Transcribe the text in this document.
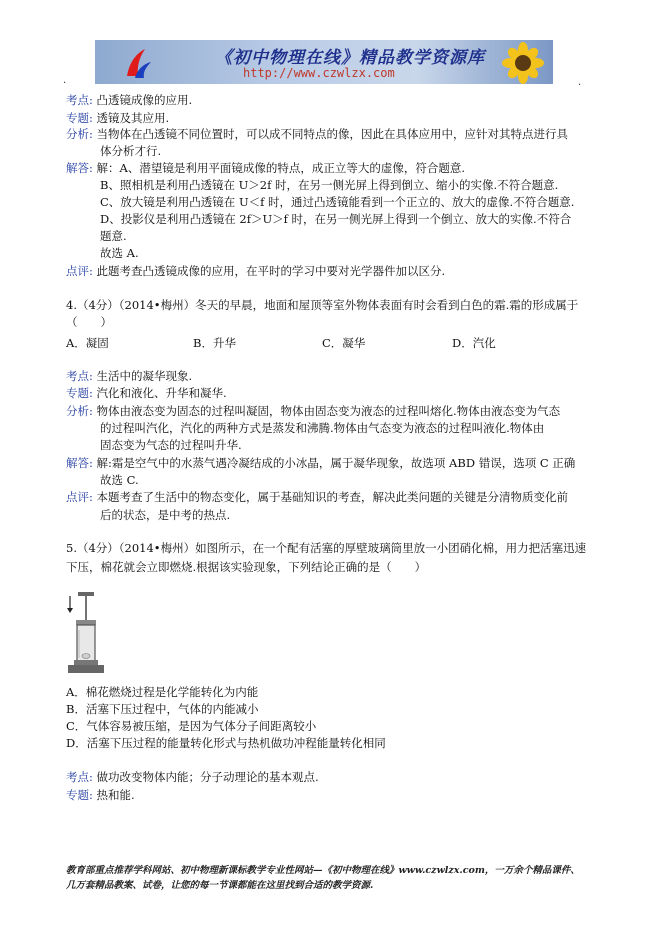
《初中物理在线》精品教学资源库
http://www.czwlzx.com
·	·
考点: 凸透镜成像的应用.
专题: 透镜及其应用.
分析: 当物体在凸透镜不同位置时，可以成不同特点的像，因此在具体应用中，应针对其特点进行具
体分析才行.
解答: 解：A、潜望镜是利用平面镜成像的特点，成正立等大的虚像，符合题意.
B、照相机是利用凸透镜在 U＞2f 时，在另一侧光屏上得到倒立、缩小的实像.不符合题意.
C、放大镜是利用凸透镜在 U＜f 时，通过凸透镜能看到一个正立的、放大的虚像.不符合题意.
D、投影仪是利用凸透镜在 2f＞U＞f 时，在另一侧光屏上得到一个倒立、放大的实像.不符合
题意.
故选 A.
点评: 此题考查凸透镜成像的应用，在平时的学习中要对光学器件加以区分.
4.（4分）（2014•梅州）冬天的早晨，地面和屋顶等室外物体表面有时会看到白色的霜.霜的形成属于
（　　）
A．凝固	B．升华	C．凝华	D．汽化
考点: 生活中的凝华现象.
专题: 汽化和液化、升华和凝华.
分析: 物体由液态变为固态的过程叫凝固，物体由固态变为液态的过程叫熔化.物体由液态变为气态
的过程叫汽化，汽化的两种方式是蒸发和沸腾.物体由气态变为液态的过程叫液化.物体由
固态变为气态的过程叫升华.
解答: 解:霜是空气中的水蒸气遇冷凝结成的小冰晶，属于凝华现象，故选项 ABD 错误，选项 C 正确
故选 C.
点评: 本题考查了生活中的物态变化，属于基础知识的考查，解决此类问题的关键是分清物质变化前
后的状态，是中考的热点.
5.（4分）（2014•梅州）如图所示，在一个配有活塞的厚壁玻璃筒里放一小团硝化棉，用力把活塞迅速
下压，棉花就会立即燃烧.根据该实验现象，下列结论正确的是（　　）
A．棉花燃烧过程是化学能转化为内能
B．活塞下压过程中，气体的内能减小
C．气体容易被压缩，是因为气体分子间距离较小
D．活塞下压过程的能量转化形式与热机做功冲程能量转化相同
考点: 做功改变物体内能；分子动理论的基本观点.
专题: 热和能.
教育部重点推荐学科网站、初中物理新课标教学专业性网站—《初中物理在线》www.czwlzx.com，一万余个精品课件、
几万套精品教案、试卷，让您的每一节课都能在这里找到合适的教学资源.
